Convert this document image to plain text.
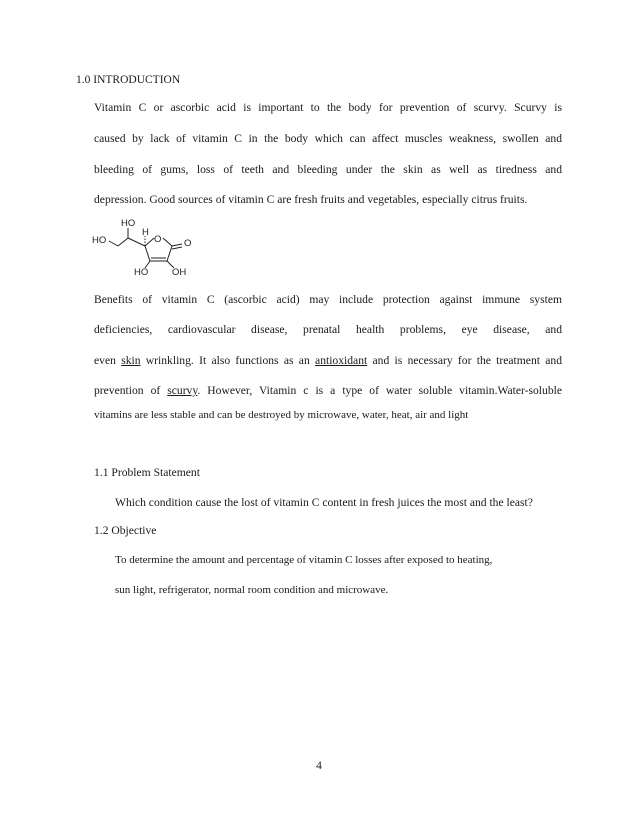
1.0 INTRODUCTION
Vitamin C or ascorbic acid is important to the body for prevention of scurvy. Scurvy is
caused by lack of vitamin C in the body which can affect muscles weakness, swollen and
bleeding of gums, loss of teeth and bleeding under the skin as well as tiredness and
depression. Good sources of vitamin C are fresh fruits and vegetables, especially citrus fruits.
HO
HO
H
O O
HO	OH
Benefits of vitamin C (ascorbic acid) may include protection against immune system
deficiencies, cardiovascular disease, prenatal health problems, eye disease, and
even skin wrinkling. It also functions as an antioxidant and is necessary for the treatment and
prevention of scurvy. However, Vitamin c is a type of water soluble vitamin.Water-soluble
vitamins are less stable and can be destroyed by microwave, water, heat, air and light
1.1 Problem Statement
Which condition cause the lost of vitamin C content in fresh juices the most and the least?
1.2 Objective
To determine the amount and percentage of vitamin C losses after exposed to heating,
sun light, refrigerator, normal room condition and microwave.
4
